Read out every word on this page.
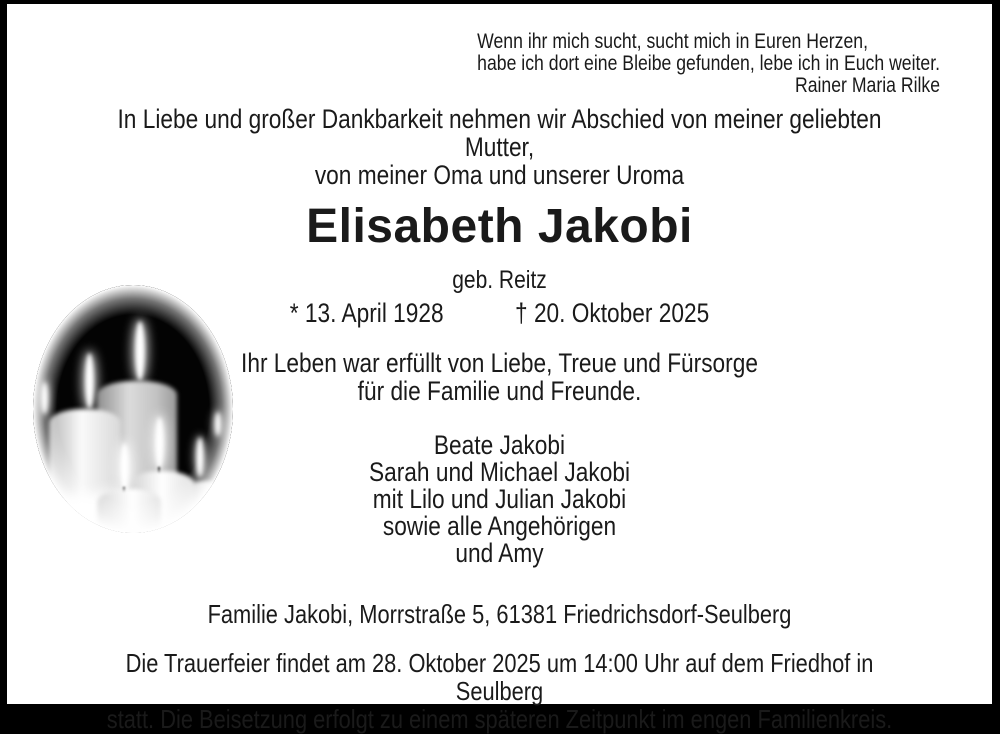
Wenn ihr mich sucht, sucht mich in Euren Herzen,
habe ich dort eine Bleibe gefunden, lebe ich in Euch weiter.
Rainer Maria Rilke
In Liebe und großer Dankbarkeit nehmen wir Abschied von meiner geliebten Mutter,
von meiner Oma und unserer Uroma
Elisabeth Jakobi
geb. Reitz
* 13. April 1928	† 20. Oktober 2025
Ihr Leben war erfüllt von Liebe, Treue und Fürsorge
für die Familie und Freunde.
Beate Jakobi
Sarah und Michael Jakobi
mit Lilo und Julian Jakobi
sowie alle Angehörigen
und Amy
Familie Jakobi, Morrstraße 5, 61381 Friedrichsdorf-Seulberg
Die Trauerfeier findet am 28. Oktober 2025 um 14:00 Uhr auf dem Friedhof in Seulberg
statt. Die Beisetzung erfolgt zu einem späteren Zeitpunkt im engen Familienkreis.
